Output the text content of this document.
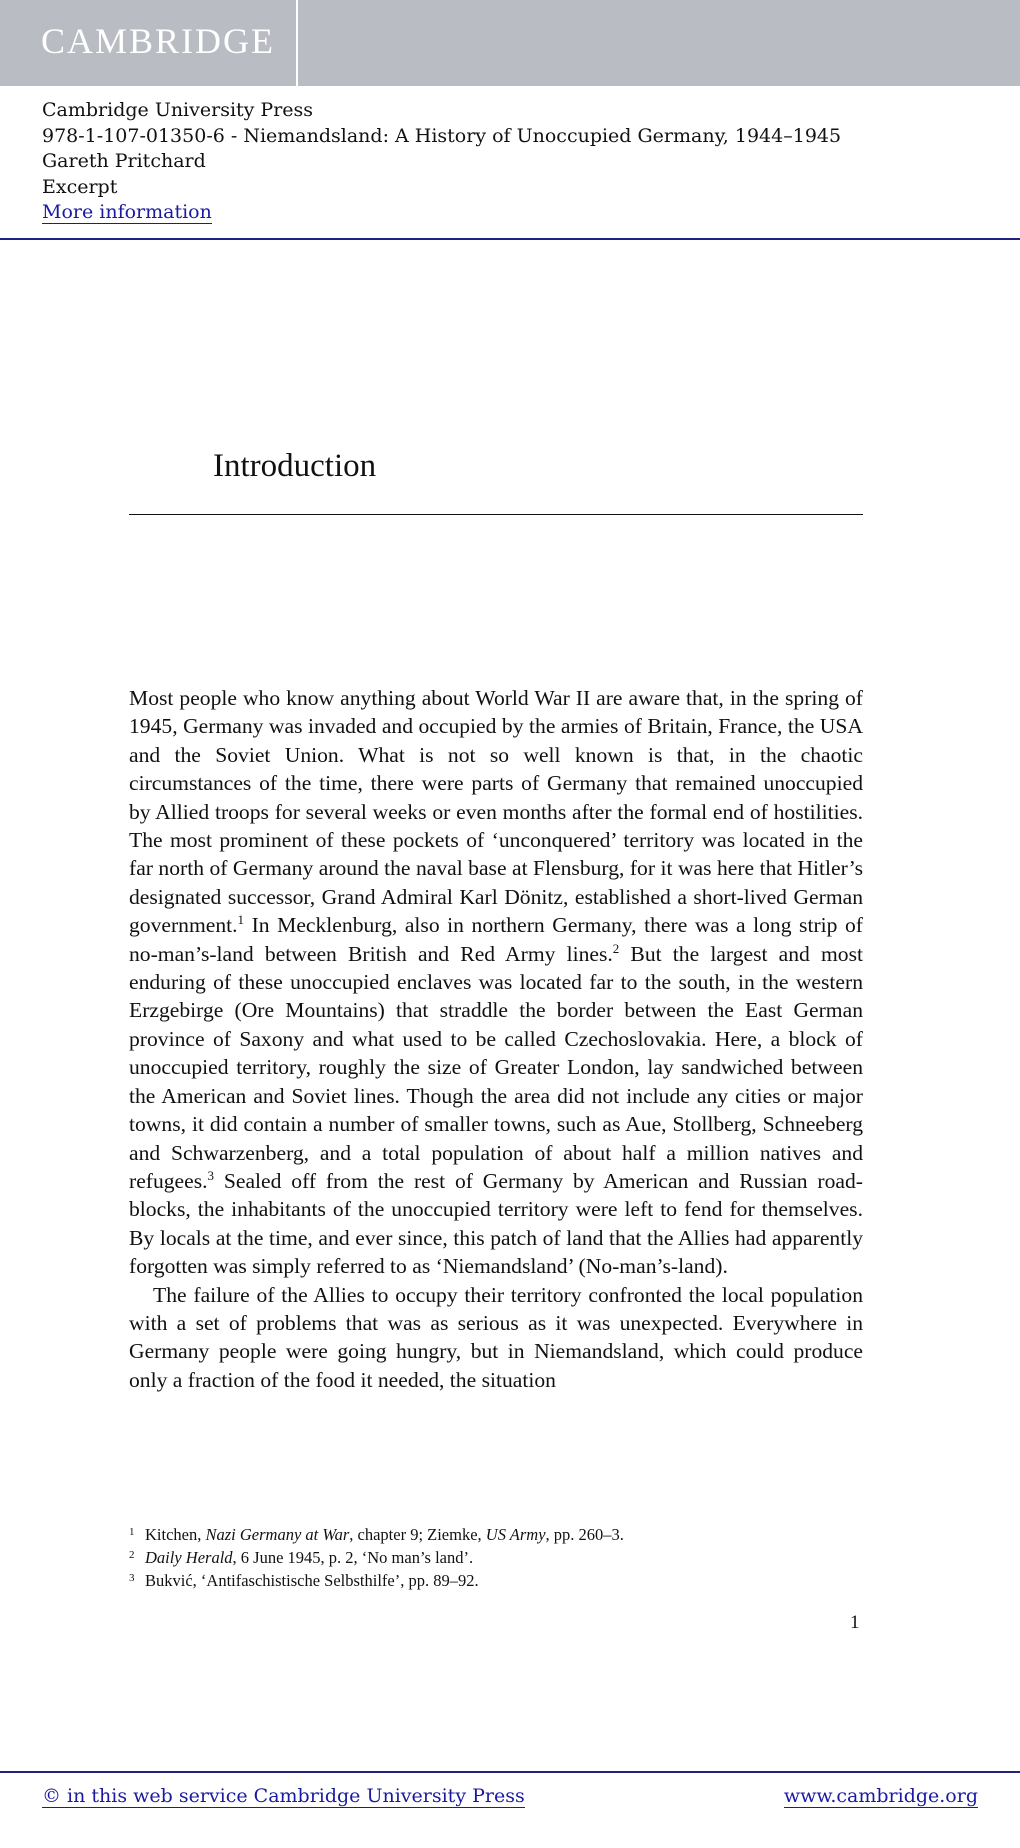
CAMBRIDGE
Cambridge University Press
978-1-107-01350-6 - Niemandsland: A History of Unoccupied Germany, 1944–1945
Gareth Pritchard
Excerpt
More information
Introduction

Most people who know anything about World War II are aware that, in the spring of 1945, Germany was invaded and occupied by the armies of Britain, France, the USA and the Soviet Union. What is not so well known is that, in the chaotic circumstances of the time, there were parts of Germany that remained unoccupied by Allied troops for several weeks or even months after the formal end of hostilities. The most prominent of these pockets of ‘unconquered’ territory was located in the far north of Germany around the naval base at Flensburg, for it was here that Hitler’s designated successor, Grand Admiral Karl Dönitz, established a short-lived German government.$^1$ In Mecklenburg, also in northern Germany, there was a long strip of no-man’s-land between British and Red Army lines.$^2$ But the largest and most enduring of these unoccupied enclaves was located far to the south, in the western Erzgebirge (Ore Mountains) that straddle the border between the East German province of Saxony and what used to be called Czechoslovakia. Here, a block of unoccupied territory, roughly the size of Greater London, lay sandwiched between the American and Soviet lines. Though the area did not include any cities or major towns, it did contain a number of smaller towns, such as Aue, Stollberg, Schneeberg and Schwarzenberg, and a total population of about half a million natives and refugees.$^3$ Sealed off from the rest of Germany by American and Russian road-blocks, the inhabitants of the unoccupied territory were left to fend for themselves. By locals at the time, and ever since, this patch of land that the Allies had apparently forgotten was simply referred to as ‘Niemandsland’ (No-man’s-land).

The failure of the Allies to occupy their territory confronted the local population with a set of problems that was as serious as it was unexpected. Everywhere in Germany people were going hungry, but in Niemandsland, which could produce only a fraction of the food it needed, the situation

1 Kitchen, Nazi Germany at War, chapter 9; Ziemke, US Army, pp. 260–3.
2 Daily Herald, 6 June 1945, p. 2, ‘No man’s land’.
3 Bukvić, ‘Antifaschistische Selbsthilfe’, pp. 89–92.
1
© in this web service Cambridge University Press	www.cambridge.org
